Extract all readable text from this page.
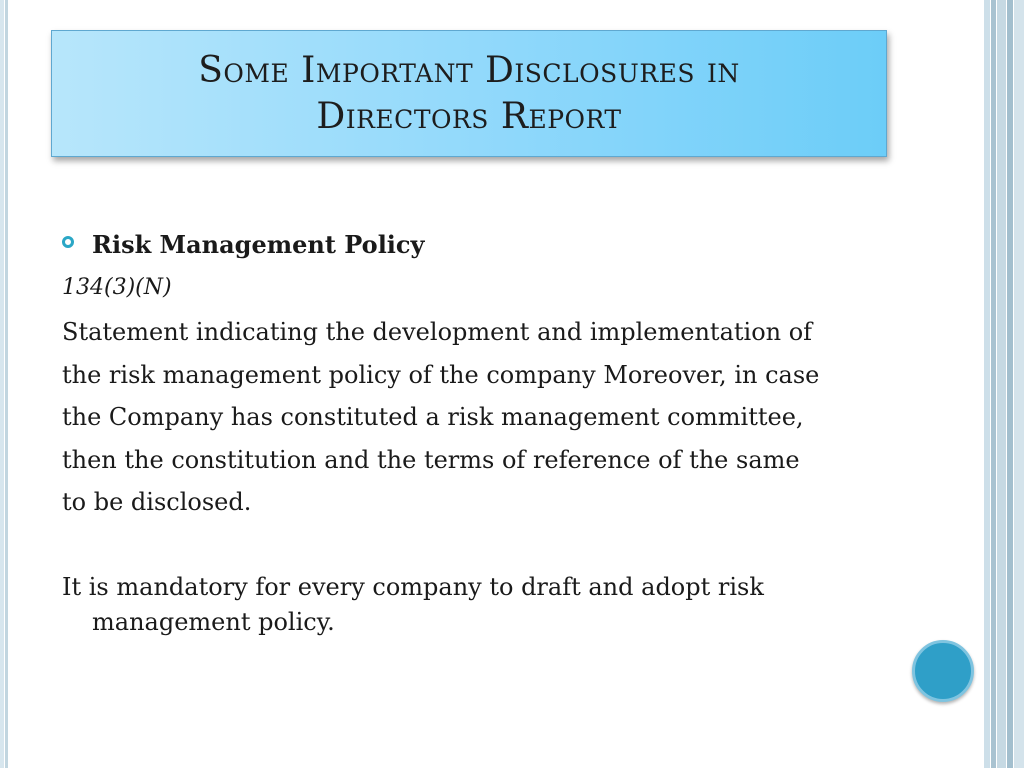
Some Important Disclosures in
Directors Report
Risk Management Policy
134(3)(N)
Statement indicating the development and implementation of
the risk management policy of the company Moreover, in case
the Company has constituted a risk management committee,
then the constitution and the terms of reference of the same
to be disclosed.
It is mandatory for every company to draft and adopt risk
management policy.
